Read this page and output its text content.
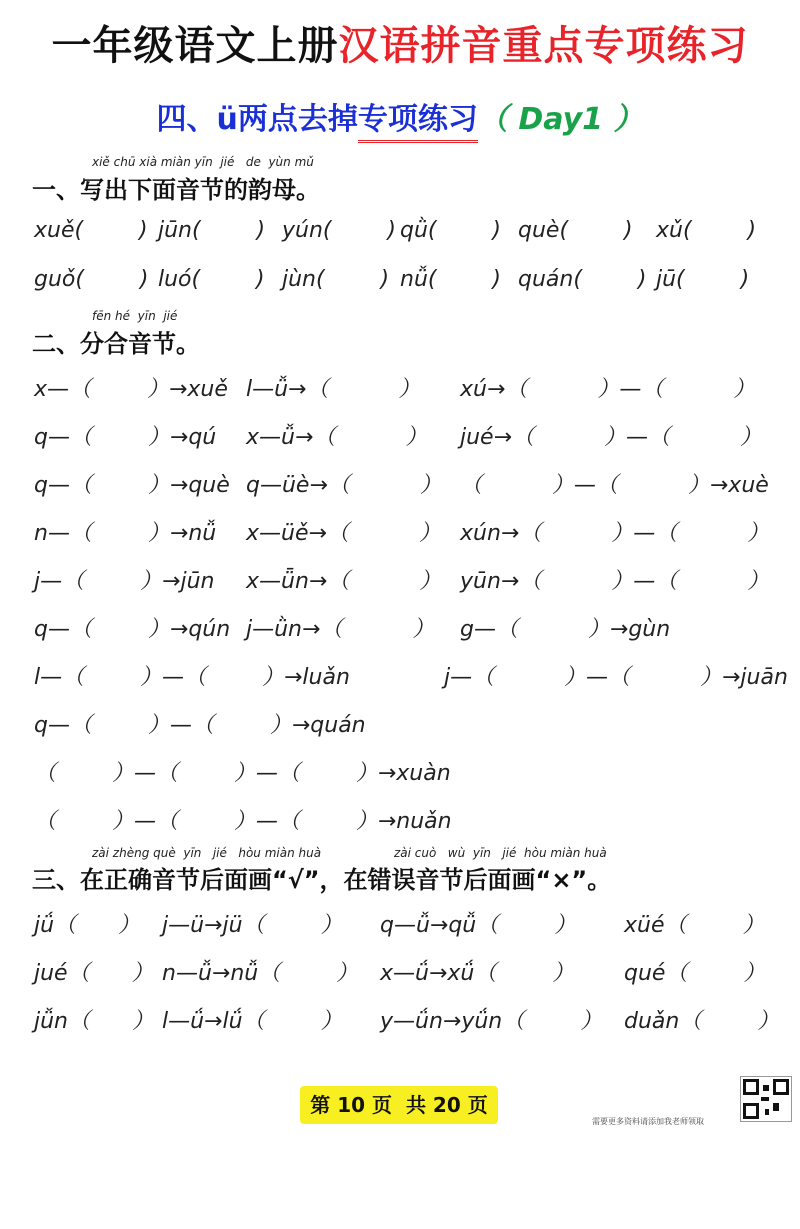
一年级语文上册汉语拼音重点专项练习
四、ü两点去掉专项练习（ Day1 ）
xiě chū xià miàn yīn  jié   de  yùn mǔ
一、写出下面音节的韵母。
xuě(        ) jūn(        ) yún(        ) qǜ(        ) què(        ) xǔ(        )
guǒ(        ) luó(        ) jùn(        ) nǚ(        ) quán(        ) jū(        )
fēn hé  yīn  jié
二、分合音节。
x—（        ）→xuě l—ǚ→（          ） xú→（          ）—（          ）
q—（        ）→qú x—ǚ→（          ） jué→（          ）—（          ）
q—（        ）→què q—üè→（          ） （          ）—（          ）→xuè
n—（        ）→nǚ x—üě→（          ） xún→（          ）—（          ）
j—（        ）→jūn x—ǖn→（          ） yūn→（          ）—（          ）
q—（        ）→qún j—ǜn→（          ） g—（          ）→gùn
l—（        ）—（        ）→luǎn	j—（          ）—（          ）→juān
q—（        ）—（        ）→quán
（        ）—（        ）—（        ）→xuàn
（        ）—（        ）—（        ）→nuǎn
zài zhèng què  yīn   jié   hòu miàn huà	zài cuò   wù  yīn   jié  hòu miàn huà
三、在正确音节后面画“√”，在错误音节后面画“×”。
jǘ（      ） j—ü→jü（        ） q—ǚ→qǚ（        ） xüé（        ）
jué（      ） n—ǚ→nǚ（        ） x—ǘ→xǘ（        ） qué（        ）
jǚn（      ） l—ǘ→lǘ（        ） y—ǘn→yǘn（        ） duǎn（        ）
第 10 页  共 20 页

需要更多资料请添加我老师领取
